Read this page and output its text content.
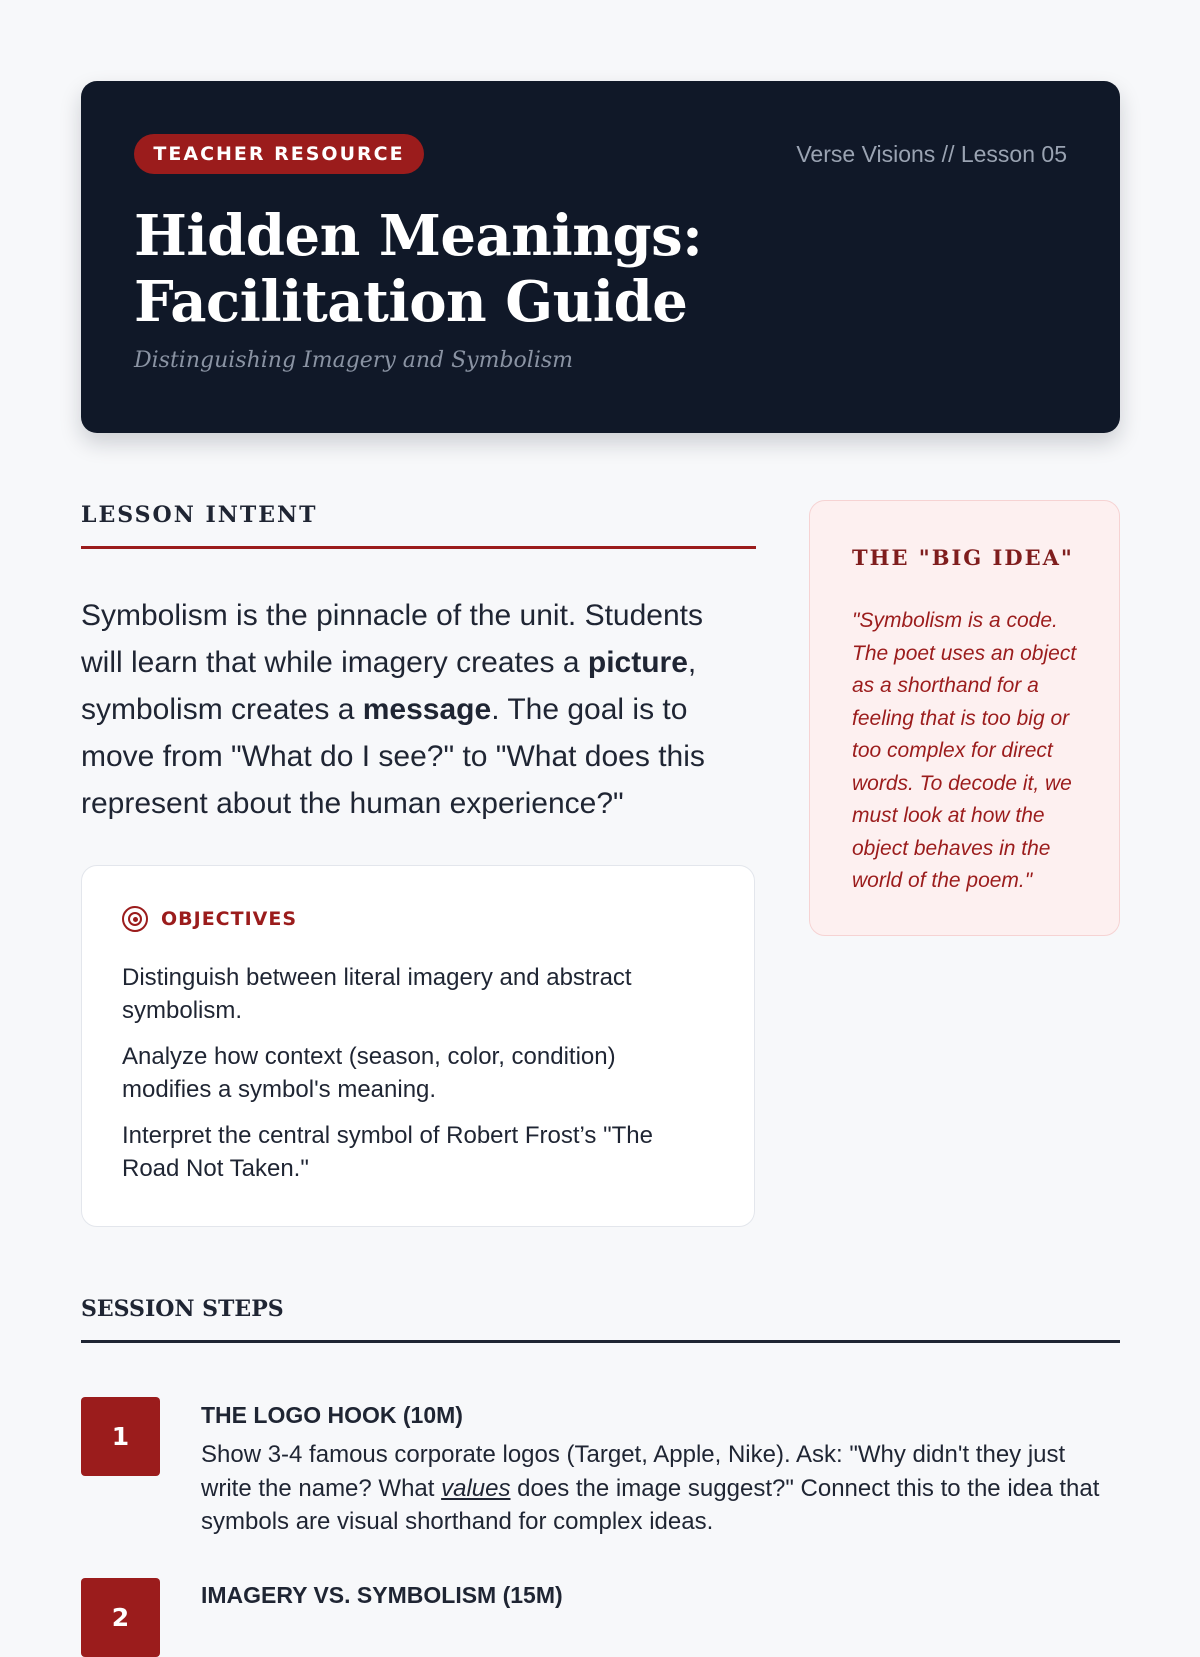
TEACHER RESOURCE	Verse Visions // Lesson 05
Hidden Meanings: Facilitation Guide
Distinguishing Imagery and Symbolism
LESSON INTENT

Symbolism is the pinnacle of the unit. Students will learn that while imagery creates a picture, symbolism creates a message. The goal is to move from "What do I see?" to "What does this represent about the human experience?"

OBJECTIVES
Distinguish between literal imagery and abstract symbolism.
Analyze how context (season, color, condition) modifies a symbol's meaning.
Interpret the central symbol of Robert Frost’s "The Road Not Taken."
THE "BIG IDEA"

"Symbolism is a code. The poet uses an object as a shorthand for a feeling that is too big or too complex for direct words. To decode it, we must look at how the object behaves in the world of the poem."

SESSION STEPS
1
THE LOGO HOOK (10M)

Show 3-4 famous corporate logos (Target, Apple, Nike). Ask: "Why didn't they just write the name? What values does the image suggest?" Connect this to the idea that symbols are visual shorthand for complex ideas.

2
IMAGERY VS. SYMBOLISM (15M)
